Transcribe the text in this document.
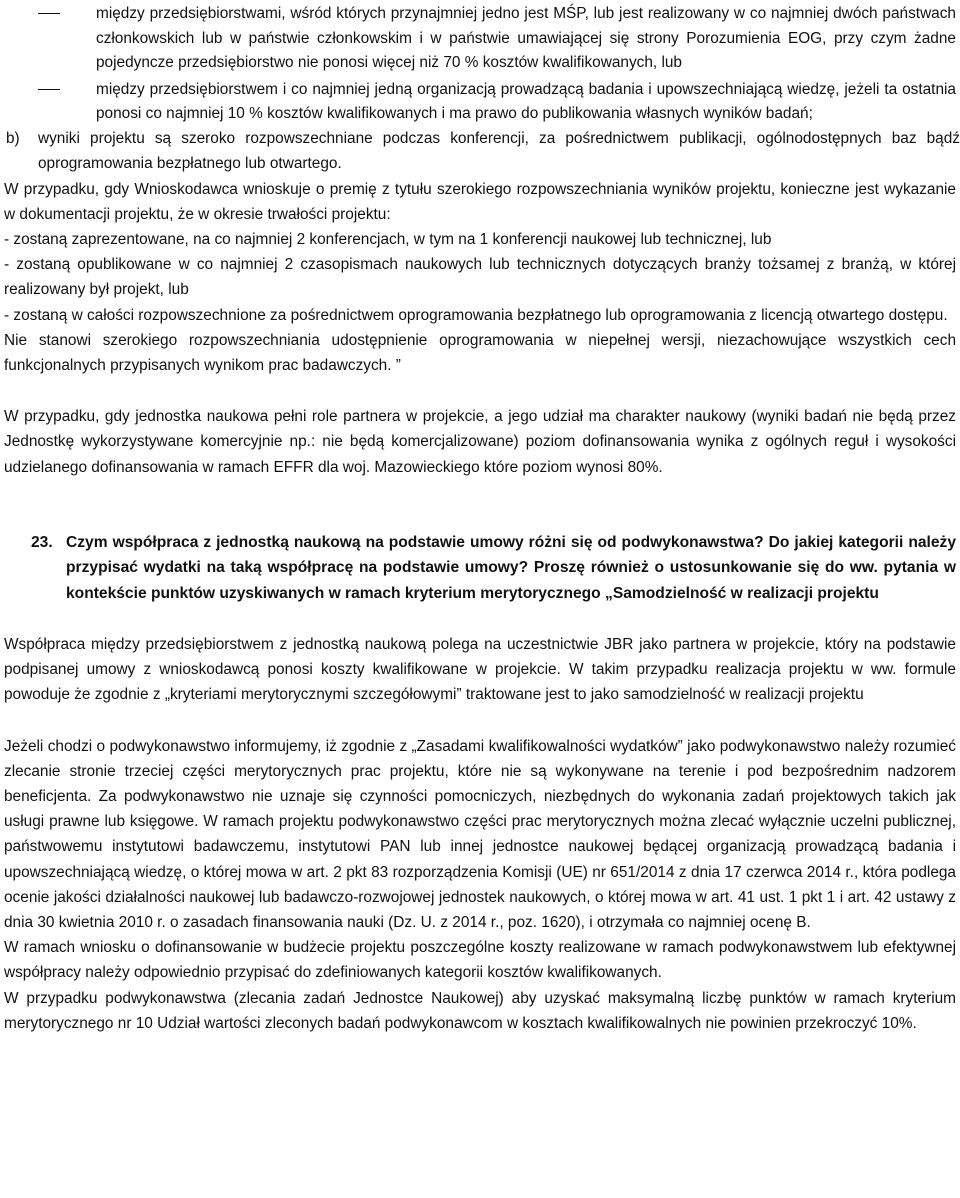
między przedsiębiorstwami, wśród których przynajmniej jedno jest MŚP, lub jest realizowany w co najmniej dwóch państwach członkowskich lub w państwie członkowskim i w państwie umawiającej się strony Porozumienia EOG, przy czym żadne pojedyncze przedsiębiorstwo nie ponosi więcej niż 70 % kosztów kwalifikowanych, lub

między przedsiębiorstwem i co najmniej jedną organizacją prowadzącą badania i upowszechniającą wiedzę, jeżeli ta ostatnia ponosi co najmniej 10 % kosztów kwalifikowanych i ma prawo do publikowania własnych wyników badań;

b) wyniki projektu są szeroko rozpowszechniane podczas konferencji, za pośrednictwem publikacji, ogólnodostępnych baz bądź oprogramowania bezpłatnego lub otwartego.

W przypadku, gdy Wnioskodawca wnioskuje o premię z tytułu szerokiego rozpowszechniania wyników projektu, konieczne jest wykazanie w dokumentacji projektu, że w okresie trwałości projektu:

- zostaną zaprezentowane, na co najmniej 2 konferencjach, w tym na 1 konferencji naukowej lub technicznej, lub

- zostaną opublikowane w co najmniej 2 czasopismach naukowych lub technicznych dotyczących branży tożsamej z branżą, w której realizowany był projekt, lub

- zostaną w całości rozpowszechnione za pośrednictwem oprogramowania bezpłatnego lub oprogramowania z licencją otwartego dostępu.

Nie stanowi szerokiego rozpowszechniania udostępnienie oprogramowania w niepełnej wersji, niezachowujące wszystkich cech funkcjonalnych przypisanych wynikom prac badawczych. ”

W przypadku, gdy jednostka naukowa pełni role partnera w projekcie, a jego udział ma charakter naukowy (wyniki badań nie będą przez Jednostkę wykorzystywane komercyjnie np.: nie będą komercjalizowane) poziom dofinansowania wynika z ogólnych reguł i wysokości udzielanego dofinansowania w ramach EFFR dla woj. Mazowieckiego które poziom wynosi 80%.

23. Czym współpraca z jednostką naukową na podstawie umowy różni się od podwykonawstwa? Do jakiej kategorii należy przypisać wydatki na taką współpracę na podstawie umowy? Proszę również o ustosunkowanie się do ww. pytania w kontekście punktów uzyskiwanych w ramach kryterium merytorycznego „Samodzielność w realizacji projektu

Współpraca między przedsiębiorstwem z jednostką naukową polega na uczestnictwie JBR jako partnera w projekcie, który na podstawie podpisanej umowy z wnioskodawcą ponosi koszty kwalifikowane w projekcie. W takim przypadku realizacja projektu w ww. formule powoduje że zgodnie z „kryteriami merytorycznymi szczegółowymi” traktowane jest to jako samodzielność w realizacji projektu

Jeżeli chodzi o podwykonawstwo informujemy, iż zgodnie z „Zasadami kwalifikowalności wydatków” jako podwykonawstwo należy rozumieć zlecanie stronie trzeciej części merytorycznych prac projektu, które nie są wykonywane na terenie i pod bezpośrednim nadzorem beneficjenta. Za podwykonawstwo nie uznaje się czynności pomocniczych, niezbędnych do wykonania zadań projektowych takich jak usługi prawne lub księgowe. W ramach projektu podwykonawstwo części prac merytorycznych można zlecać wyłącznie uczelni publicznej, państwowemu instytutowi badawczemu, instytutowi PAN lub innej jednostce naukowej będącej organizacją prowadzącą badania i upowszechniającą wiedzę, o której mowa w art. 2 pkt 83 rozporządzenia Komisji (UE) nr 651/2014 z dnia 17 czerwca 2014 r., która podlega ocenie jakości działalności naukowej lub badawczo-rozwojowej jednostek naukowych, o której mowa w art. 41 ust. 1 pkt 1 i art. 42 ustawy z dnia 30 kwietnia 2010 r. o zasadach finansowania nauki (Dz. U. z 2014 r., poz. 1620), i otrzymała co najmniej ocenę B.

W ramach wniosku o dofinansowanie w budżecie projektu poszczególne koszty realizowane w ramach podwykonawstwem lub efektywnej współpracy należy odpowiednio przypisać do zdefiniowanych kategorii kosztów kwalifikowanych.

W przypadku podwykonawstwa (zlecania zadań Jednostce Naukowej) aby uzyskać maksymalną liczbę punktów w ramach kryterium merytorycznego nr 10 Udział wartości zleconych badań podwykonawcom w kosztach kwalifikowalnych nie powinien przekroczyć 10%.
